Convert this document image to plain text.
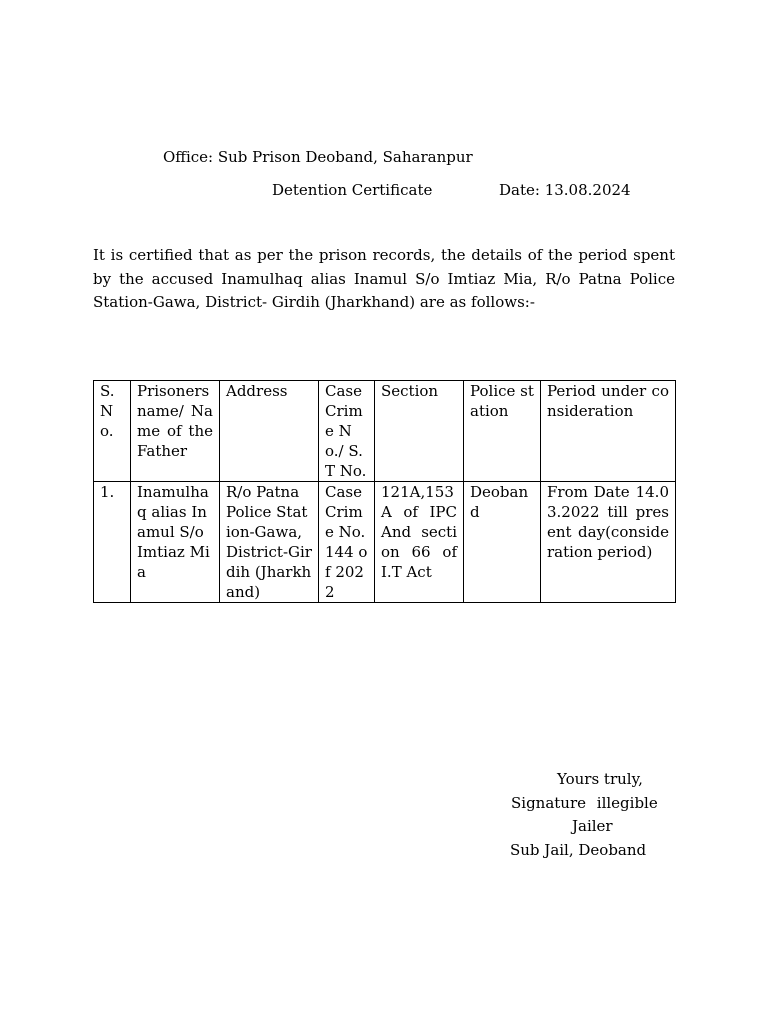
Office: Sub Prison Deoband, Saharanpur
Detention Certificate	Date: 13.08.2024

It is certified that as per the prison records, the details of the period spent by the accused Inamulhaq alias Inamul S/o Imtiaz Mia, R/o Patna Police Station-Gawa, District- Girdih (Jharkhand) are as follows:-

S.No.	Prisoners name/ Name of the Father	Address	Case Crime No./ S.T No.	Section	Police station	Period under consideration
1.	Inamulhaq alias Inamul S/o Imtiaz Mia	R/o Patna Police Station-Gawa, District-Girdih (Jharkhand)	Case Crime No. 144 of 2022	121A,153A of IPC And section 66 of I.T Act	Deoband	From Date 14.03.2022 till present day(consideration period)
Yours truly,
Signature illegible
Jailer
Sub Jail, Deoband
